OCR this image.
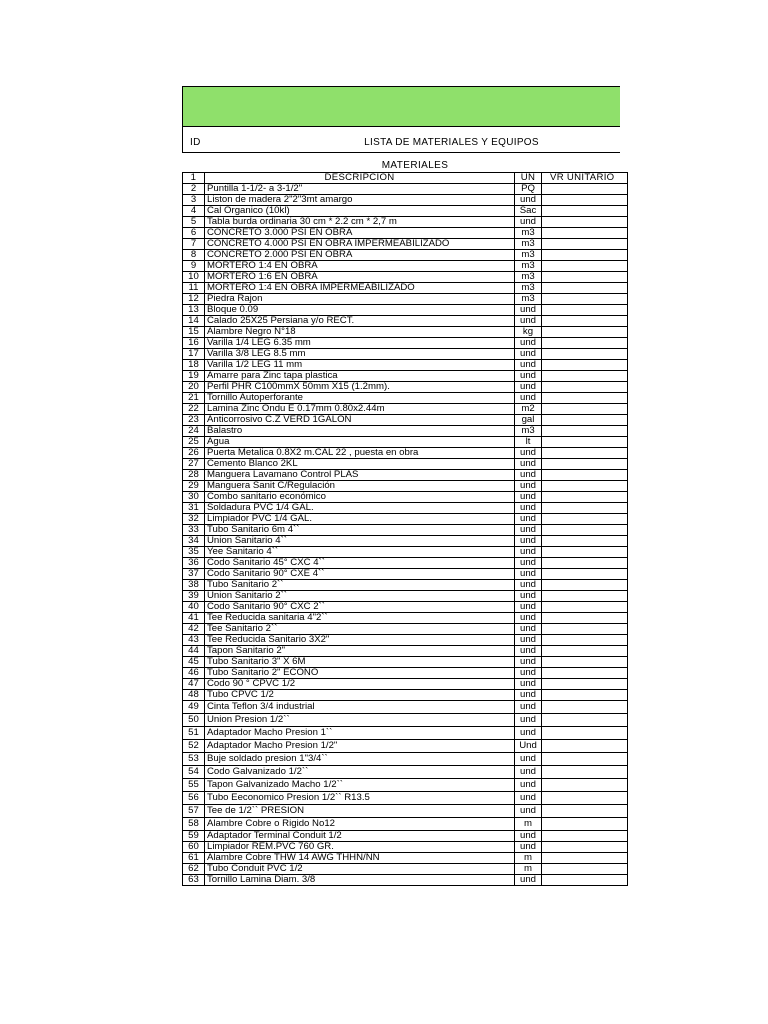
ID	LISTA DE MATERIALES Y EQUIPOS
MATERIALES
1	DESCRIPCION	UN	VR UNITARIO
2	Puntilla 1-1/2- a 3-1/2"	PQ	
3	Liston de madera 2"2"3mt amargo	und	
4	Cal Organico (10kl)	Sac	
5	Tabla burda ordinaria 30 cm * 2.2 cm * 2,7 m	und	
6	CONCRETO 3.000 PSI EN OBRA	m3	
7	CONCRETO 4.000 PSI EN OBRA IMPERMEABILIZADO	m3	
8	CONCRETO 2.000 PSI EN OBRA	m3	
9	MORTERO 1:4 EN OBRA	m3	
10	MORTERO 1:6 EN OBRA	m3	
11	MORTERO 1:4 EN OBRA IMPERMEABILIZADO	m3	
12	Piedra Rajon	m3	
13	Bloque 0.09	und	
14	Calado 25X25 Persiana y/o RECT.	und	
15	Alambre Negro N°18	kg	
16	Varilla 1/4 LEG 6.35 mm	und	
17	Varilla 3/8 LEG 8.5 mm	und	
18	Varilla 1/2 LEG 11 mm	und	
19	Amarre para Zinc tapa plastica	und	
20	Perfil PHR C100mmX 50mm X15 (1.2mm).	und	
21	Tornillo Autoperforante	und	
22	Lamina Zinc Ondu E 0.17mm 0.80x2.44m	m2	
23	Anticorrosivo C.Z VERD 1GALON	gal	
24	Balastro	m3	
25	Agua	lt	
26	Puerta Metalica 0.8X2 m.CAL 22 , puesta en obra	und	
27	Cemento Blanco 2KL	und	
28	Manguera Lavamano Control PLAS	und	
29	Manguera Sanit C/Regulación	und	
30	Combo sanitario económico	und	
31	Soldadura PVC 1/4 GAL.	und	
32	Limpiador PVC 1/4 GAL.	und	
33	Tubo Sanitario 6m 4``	und	
34	Union Sanitario 4``	und	
35	Yee Sanitario 4``	und	
36	Codo Sanitario 45° CXC 4``	und	
37	Codo Sanitario 90° CXE 4``	und	
38	Tubo Sanitario 2``	und	
39	Union Sanitario 2``	und	
40	Codo Sanitario 90° CXC 2``	und	
41	Tee Reducida sanitaria 4"2``	und	
42	Tee Sanitario 2``	und	
43	Tee Reducida Sanitario 3X2"	und	
44	Tapon Sanitario 2"	und	
45	Tubo Sanitario 3" X 6M	und	
46	Tubo Sanitario 2" ECONO	und	
47	Codo 90 ° CPVC 1/2	und	
48	Tubo CPVC 1/2	und	
49	Cinta Teflon 3/4 industrial	und	
50	Union Presion 1/2``	und	
51	Adaptador Macho Presion 1``	und	
52	Adaptador Macho Presion 1/2"	Und	
53	Buje soldado presion 1"3/4``	und	
54	Codo Galvanizado 1/2``	und	
55	Tapon Galvanizado Macho 1/2``	und	
56	Tubo Eeconomico Presion 1/2`` R13.5	und	
57	Tee de 1/2`` PRESION	und	
58	Alambre Cobre o Rigido No12	m	
59	Adaptador Terminal Conduit 1/2	und	
60	Limpiador REM.PVC 760 GR.	und	
61	Alambre Cobre THW 14 AWG THHN/NN	m	
62	Tubo Conduit PVC 1/2	m	
63	Tornillo Lamina Diam. 3/8	und	
